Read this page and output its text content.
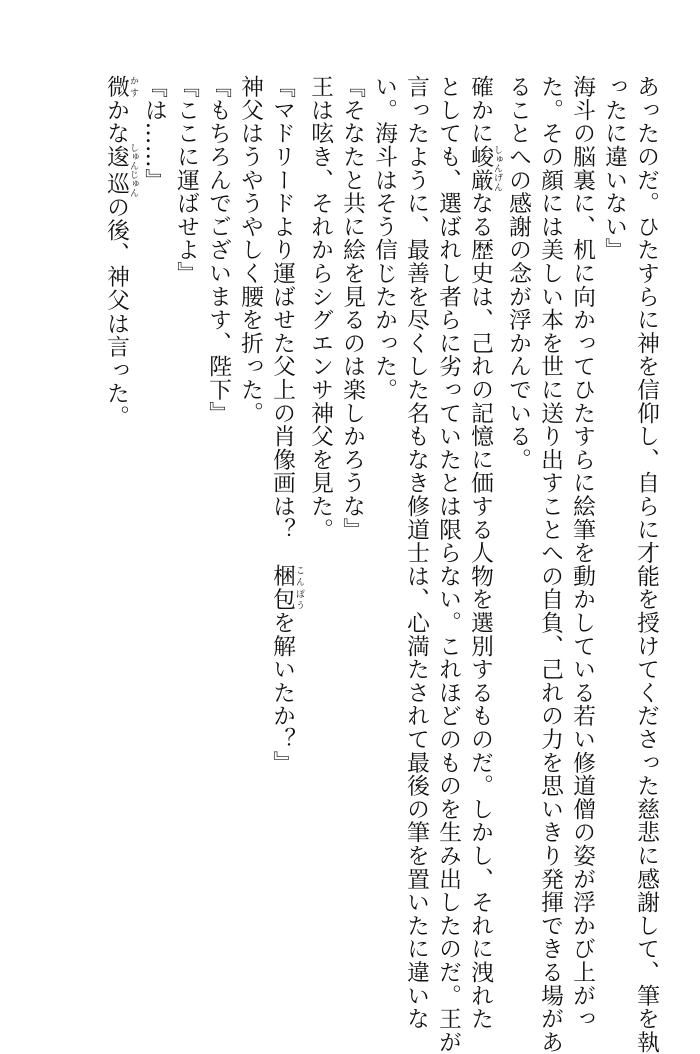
あったのだ。ひたすらに神を信仰し、自らに才能を授けてくださった慈悲に感謝して、筆を執
ったに違いない』
海斗の脳裏に、机に向かってひたすらに絵筆を動かしている若い修道僧の姿が浮かび上がっ
た。その顔には美しい本を世に送り出すことへの自負、己れの力を思いきり発揮できる場があ
ることへの感謝の念が浮かんでいる。
確かに峻厳 しゅんげんなる歴史は、己れの記憶に価する人物を選別するものだ。しかし、それに洩れた
としても、選ばれし者らに劣っていたとは限らない。これほどのものを生み出したのだ。王が
言ったように、最善を尽くした名もなき修道士は、心満たされて最後の筆を置いたに違いな
い。海斗はそう信じたかった。
『そなたと共に絵を見るのは楽しかろうな』
王は呟き、それからシグエンサ神父を見た。
『マドリードより運ばせた父上の肖像画は？　梱包 こんぽうを解いたか？』
神父はうやうやしく腰を折った。
『もちろんでございます、陛下』
『ここに運ばせよ』
『は……』
微 かすかな逡巡 しゅんじゅんの後、神父は言った。
